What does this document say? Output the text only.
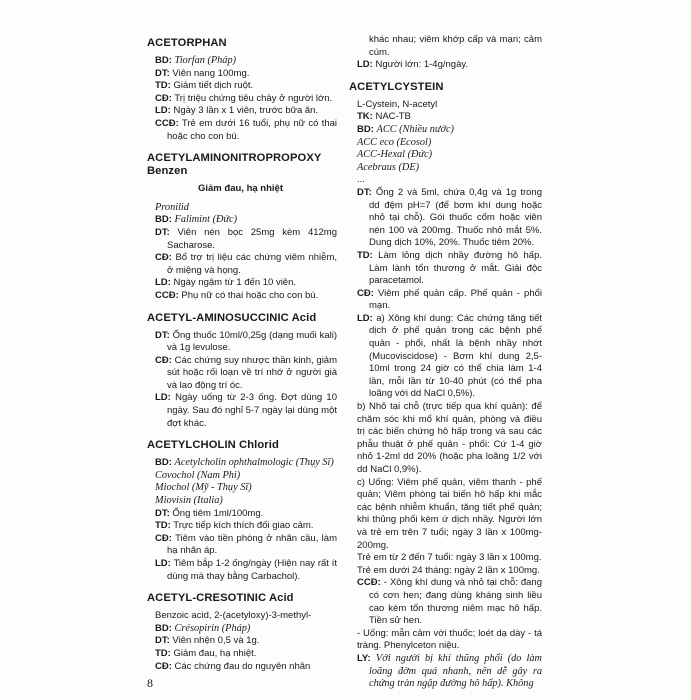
ACETORPHAN
BD: Tiorfan (Pháp)
DT: Viên nang 100mg.
TD: Giảm tiết dịch ruột.
CĐ: Trị triệu chứng tiêu chảy ở người lớn.
LD: Ngày 3 lần x 1 viên, trước bữa ăn.
CCĐ: Trẻ em dưới 16 tuổi, phụ nữ có thai hoặc cho con bú.
ACETYLAMINONITROPROPOXY Benzen
Giảm đau, hạ nhiệt
Pronilid
BD: Falimint (Đức)
DT: Viên nén bọc 25mg kèm 412mg Sacharose.
CĐ: Bổ trợ trị liệu các chứng viêm nhiễm, ở miệng và họng.
LD: Ngày ngậm từ 1 đến 10 viên.
CCĐ: Phụ nữ có thai hoặc cho con bú.
ACETYL-AMINOSUCCINIC Acid
DT: Ống thuốc 10ml/0,25g (dạng muối kali) và 1g levulose.
CĐ: Các chứng suy nhược thần kinh, giảm sút hoặc rối loạn về trí nhớ ở người già và lao động trí óc.
LD: Ngày uống từ 2-3 ống. Đợt dùng 10 ngày. Sau đó nghỉ 5-7 ngày lại dùng một đợt khác.
ACETYLCHOLIN Chlorid
BD: Acetylcholin ophthalmologic (Thụy Sĩ)
Covochol (Nam Phi)
Miochol (Mỹ - Thụy Sĩ)
Miovisin (Italia)
DT: Ống tiêm 1ml/100mg.
TD: Trực tiếp kích thích đối giao cảm.
CĐ: Tiêm vào tiền phòng ở nhãn cầu, làm hạ nhãn áp.
LD: Tiêm bắp 1-2 ống/ngày (Hiện nay rất ít dùng mà thay bằng Carbachol).
ACETYL-CRESOTINIC Acid
Benzoic acid, 2-(acetyloxy)-3-methyl-
BD: Crésopirin (Pháp)
DT: Viên nhện 0,5 và 1g.
TD: Giảm đau, hạ nhiệt.
CĐ: Các chứng đau do nguyên nhân
khác nhau; viêm khớp cấp và mạn; cảm cúm.
LD: Người lớn: 1-4g/ngày.
ACETYLCYSTEIN
L-Cystein, N-acetyl
TK: NAC-TB
BD: ACC (Nhiều nước)
ACC eco (Ecosol)
ACC-Hexal (Đức)
Acebraus (DE)
...
DT: Ống 2 và 5ml, chứa 0,4g và 1g trong dd đệm pH=7 (để bơm khí dung hoặc nhỏ tại chỗ). Gói thuốc cốm hoặc viên nén 100 và 200mg. Thuốc nhỏ mắt 5%. Dung dịch 10%, 20%. Thuốc tiêm 20%.
TD: Làm lỏng dịch nhầy đường hô hấp. Làm lành tổn thương ở mắt. Giải độc paracetamol.
CĐ: Viêm phế quản cấp. Phế quản - phổi mạn.
LD: a) Xông khí dung: Các chứng tăng tiết dịch ở phế quản trong các bệnh phế quản - phổi, nhất là bệnh nhầy nhớt (Mucoviscidose) - Bơm khí dung 2,5-10ml trong 24 giờ có thể chia làm 1-4 lần, mỗi lần từ 10-40 phút (có thể pha loãng với dd NaCl 0,5%).
b) Nhỏ tại chỗ (trực tiếp qua khí quản): để chăm sóc khi mổ khí quản, phòng và điều trị các biến chứng hô hấp trong và sau các phẫu thuật ở phế quản - phổi: Cứ 1-4 giờ nhỏ 1-2ml dd 20% (hoặc pha loãng 1/2 với dd NaCl 0,9%).
c) Uống: Viêm phế quản, viêm thanh - phế quản; Viêm phòng tai biến hô hấp khi mắc các bệnh nhiễm khuẩn, tăng tiết phế quản; khi thủng phổi kèm ứ dịch nhầy. Người lớn và trẻ em trên 7 tuổi; ngày 3 lần x 100mg-200mg.
Trẻ em từ 2 đến 7 tuổi: ngày 3 lần x 100mg.
Trẻ em dưới 24 tháng: ngày 2 lần x 100mg.
CCĐ: - Xông khí dung và nhỏ tại chỗ: đang có cơn hen; đang dùng kháng sinh liều cao kém tổn thương niêm mạc hô hấp. Tiền sử hen.
- Uống: mẫn cảm với thuốc; loét dạ dày - tá tràng. Phenylceton niệu.
LY: Với người bị khí thũng phổi (do làm loãng đờm quá nhanh, nên dễ gây ra chứng tràn ngập đường hô hấp). Không
8
